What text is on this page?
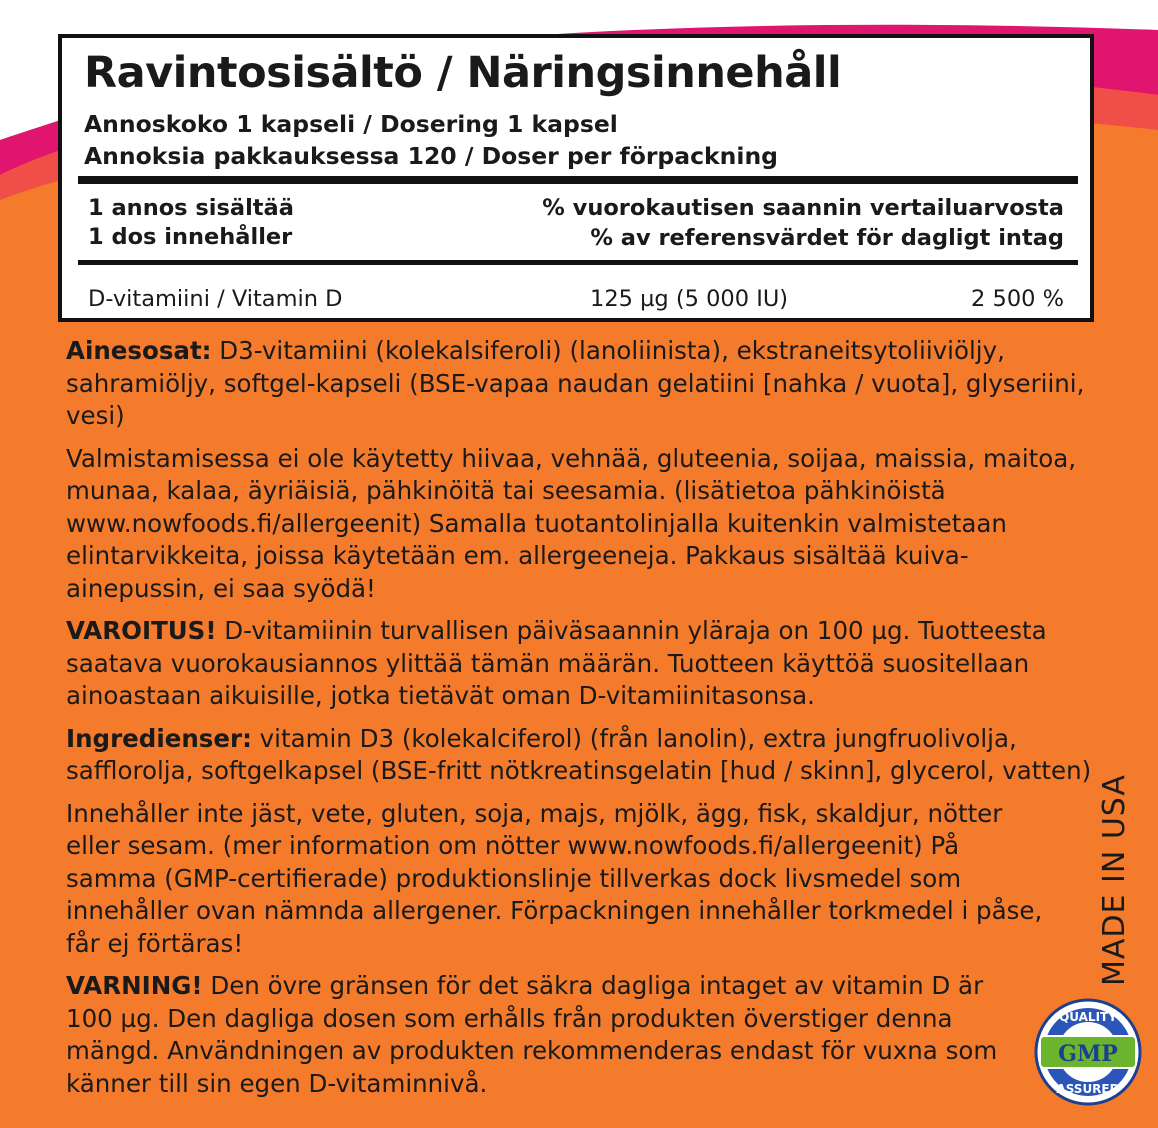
Ravintosisältö / Näringsinnehåll
Annoskoko 1 kapseli / Dosering 1 kapsel
Annoksia pakkauksessa 120 / Doser per förpackning
1 annos sisältää
1 dos innehåller
% vuorokautisen saannin vertailuarvosta
% av referensvärdet för dagligt intag
D-vitamiini / Vitamin D	125 µg (5 000 IU)	2 500 %

Ainesosat: D3-vitamiini (kolekalsiferoli) (lanoliinista), ekstraneitsytoliiviöljy, sahramiöljy, softgel-kapseli (BSE-vapaa naudan gelatiini [nahka / vuota], glyseriini, vesi)

Valmistamisessa ei ole käytetty hiivaa, vehnää, gluteenia, soijaa, maissia, maitoa, munaa, kalaa, äyriäisiä, pähkinöitä tai seesamia. (lisätietoa pähkinöistä www.nowfoods.fi/allergeenit) Samalla tuotantolinjalla kuitenkin valmistetaan elintarvikkeita, joissa käytetään em. allergeeneja. Pakkaus sisältää kuiva-ainepussin, ei saa syödä!

VAROITUS! D-vitamiinin turvallisen päiväsaannin yläraja on 100 µg. Tuotteesta saatava vuorokausiannos ylittää tämän määrän. Tuotteen käyttöä suositellaan ainoastaan aikuisille, jotka tietävät oman D-vitamiinitasonsa.

Ingredienser: vitamin D3 (kolekalciferol) (från lanolin), extra jungfruolivolja, safflorolja, softgelkapsel (BSE-fritt nötkreatinsgelatin [hud / skinn], glycerol, vatten)

Innehåller inte jäst, vete, gluten, soja, majs, mjölk, ägg, fisk, skaldjur, nötter eller sesam. (mer information om nötter www.nowfoods.fi/allergeenit) På samma (GMP-certifierade) produktionslinje tillverkas dock livsmedel som innehåller ovan nämnda allergener. Förpackningen innehåller torkmedel i påse, får ej förtäras!

VARNING! Den övre gränsen för det säkra dagliga intaget av vitamin D är 100 µg. Den dagliga dosen som erhålls från produkten överstiger denna mängd. Användningen av produkten rekommenderas endast för vuxna som känner till sin egen D-vitaminnivå.

MADE IN USA
QUALITY
GMP
ASSURED
